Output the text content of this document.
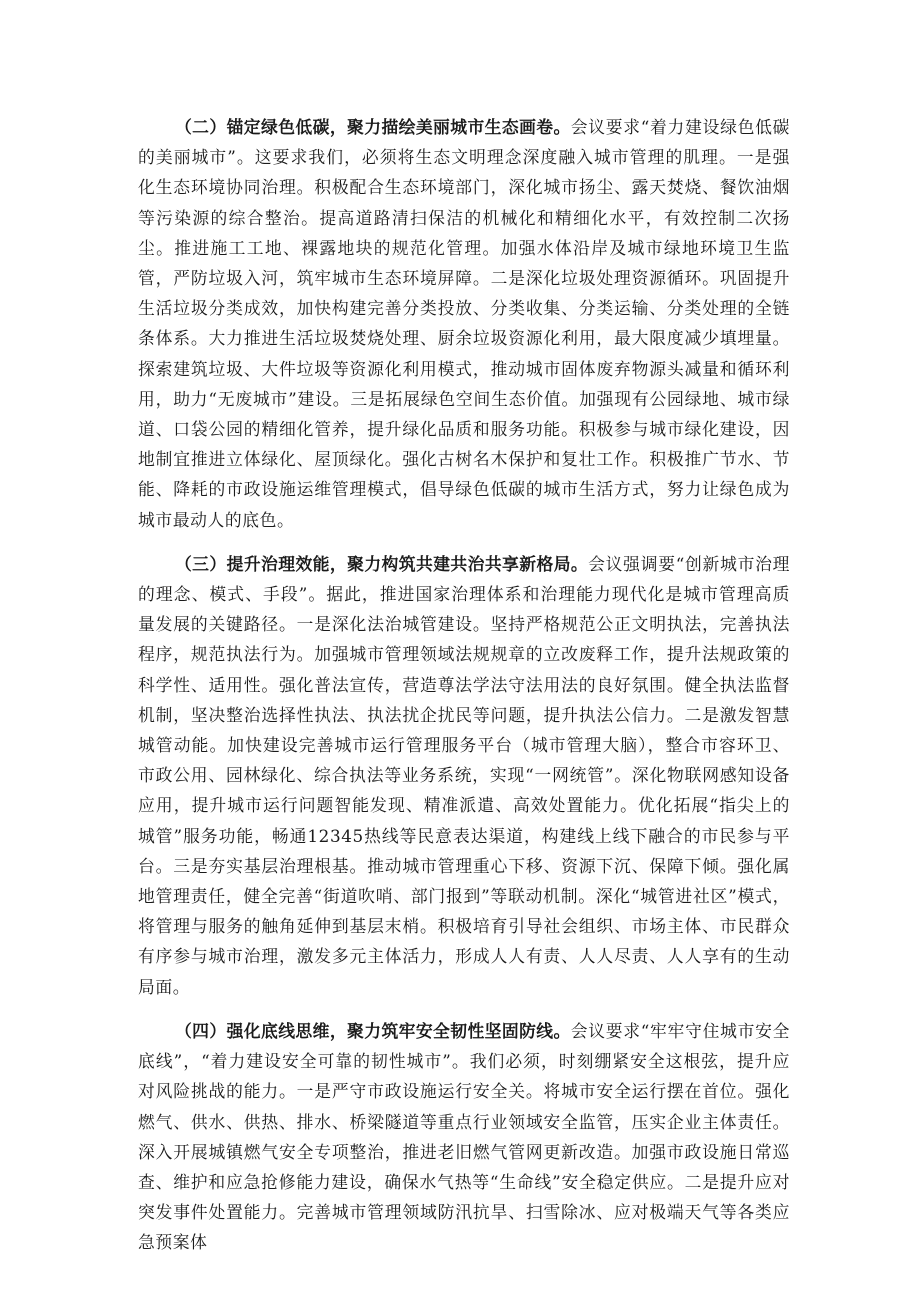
（二）锚定绿色低碳，聚力描绘美丽城市生态画卷。会议要求“着力建设绿色低碳的美丽城市”。这要求我们，必须将生态文明理念深度融入城市管理的肌理。一是强化生态环境协同治理。积极配合生态环境部门，深化城市扬尘、露天焚烧、餐饮油烟等污染源的综合整治。提高道路清扫保洁的机械化和精细化水平，有效控制二次扬尘。推进施工工地、裸露地块的规范化管理。加强水体沿岸及城市绿地环境卫生监管，严防垃圾入河，筑牢城市生态环境屏障。二是深化垃圾处理资源循环。巩固提升生活垃圾分类成效，加快构建完善分类投放、分类收集、分类运输、分类处理的全链条体系。大力推进生活垃圾焚烧处理、厨余垃圾资源化利用，最大限度减少填埋量。探索建筑垃圾、大件垃圾等资源化利用模式，推动城市固体废弃物源头减量和循环利用，助力“无废城市”建设。三是拓展绿色空间生态价值。加强现有公园绿地、城市绿道、口袋公园的精细化管养，提升绿化品质和服务功能。积极参与城市绿化建设，因地制宜推进立体绿化、屋顶绿化。强化古树名木保护和复壮工作。积极推广节水、节能、降耗的市政设施运维管理模式，倡导绿色低碳的城市生活方式，努力让绿色成为城市最动人的底色。

（三）提升治理效能，聚力构筑共建共治共享新格局。会议强调要“创新城市治理的理念、模式、手段”。据此，推进国家治理体系和治理能力现代化是城市管理高质量发展的关键路径。一是深化法治城管建设。坚持严格规范公正文明执法，完善执法程序，规范执法行为。加强城市管理领域法规规章的立改废释工作，提升法规政策的科学性、适用性。强化普法宣传，营造尊法学法守法用法的良好氛围。健全执法监督机制，坚决整治选择性执法、执法扰企扰民等问题，提升执法公信力。二是激发智慧城管动能。加快建设完善城市运行管理服务平台（城市管理大脑），整合市容环卫、市政公用、园林绿化、综合执法等业务系统，实现“一网统管”。深化物联网感知设备应用，提升城市运行问题智能发现、精准派遣、高效处置能力。优化拓展“指尖上的城管”服务功能，畅通12345热线等民意表达渠道，构建线上线下融合的市民参与平台。三是夯实基层治理根基。推动城市管理重心下移、资源下沉、保障下倾。强化属地管理责任，健全完善“街道吹哨、部门报到”等联动机制。深化“城管进社区”模式，将管理与服务的触角延伸到基层末梢。积极培育引导社会组织、市场主体、市民群众有序参与城市治理，激发多元主体活力，形成人人有责、人人尽责、人人享有的生动局面。

（四）强化底线思维，聚力筑牢安全韧性坚固防线。会议要求“牢牢守住城市安全底线”，“着力建设安全可靠的韧性城市”。我们必须，时刻绷紧安全这根弦，提升应对风险挑战的能力。一是严守市政设施运行安全关。将城市安全运行摆在首位。强化燃气、供水、供热、排水、桥梁隧道等重点行业领域安全监管，压实企业主体责任。深入开展城镇燃气安全专项整治，推进老旧燃气管网更新改造。加强市政设施日常巡查、维护和应急抢修能力建设，确保水气热等“生命线”安全稳定供应。二是提升应对突发事件处置能力。完善城市管理领域防汛抗旱、扫雪除冰、应对极端天气等各类应急预案体
